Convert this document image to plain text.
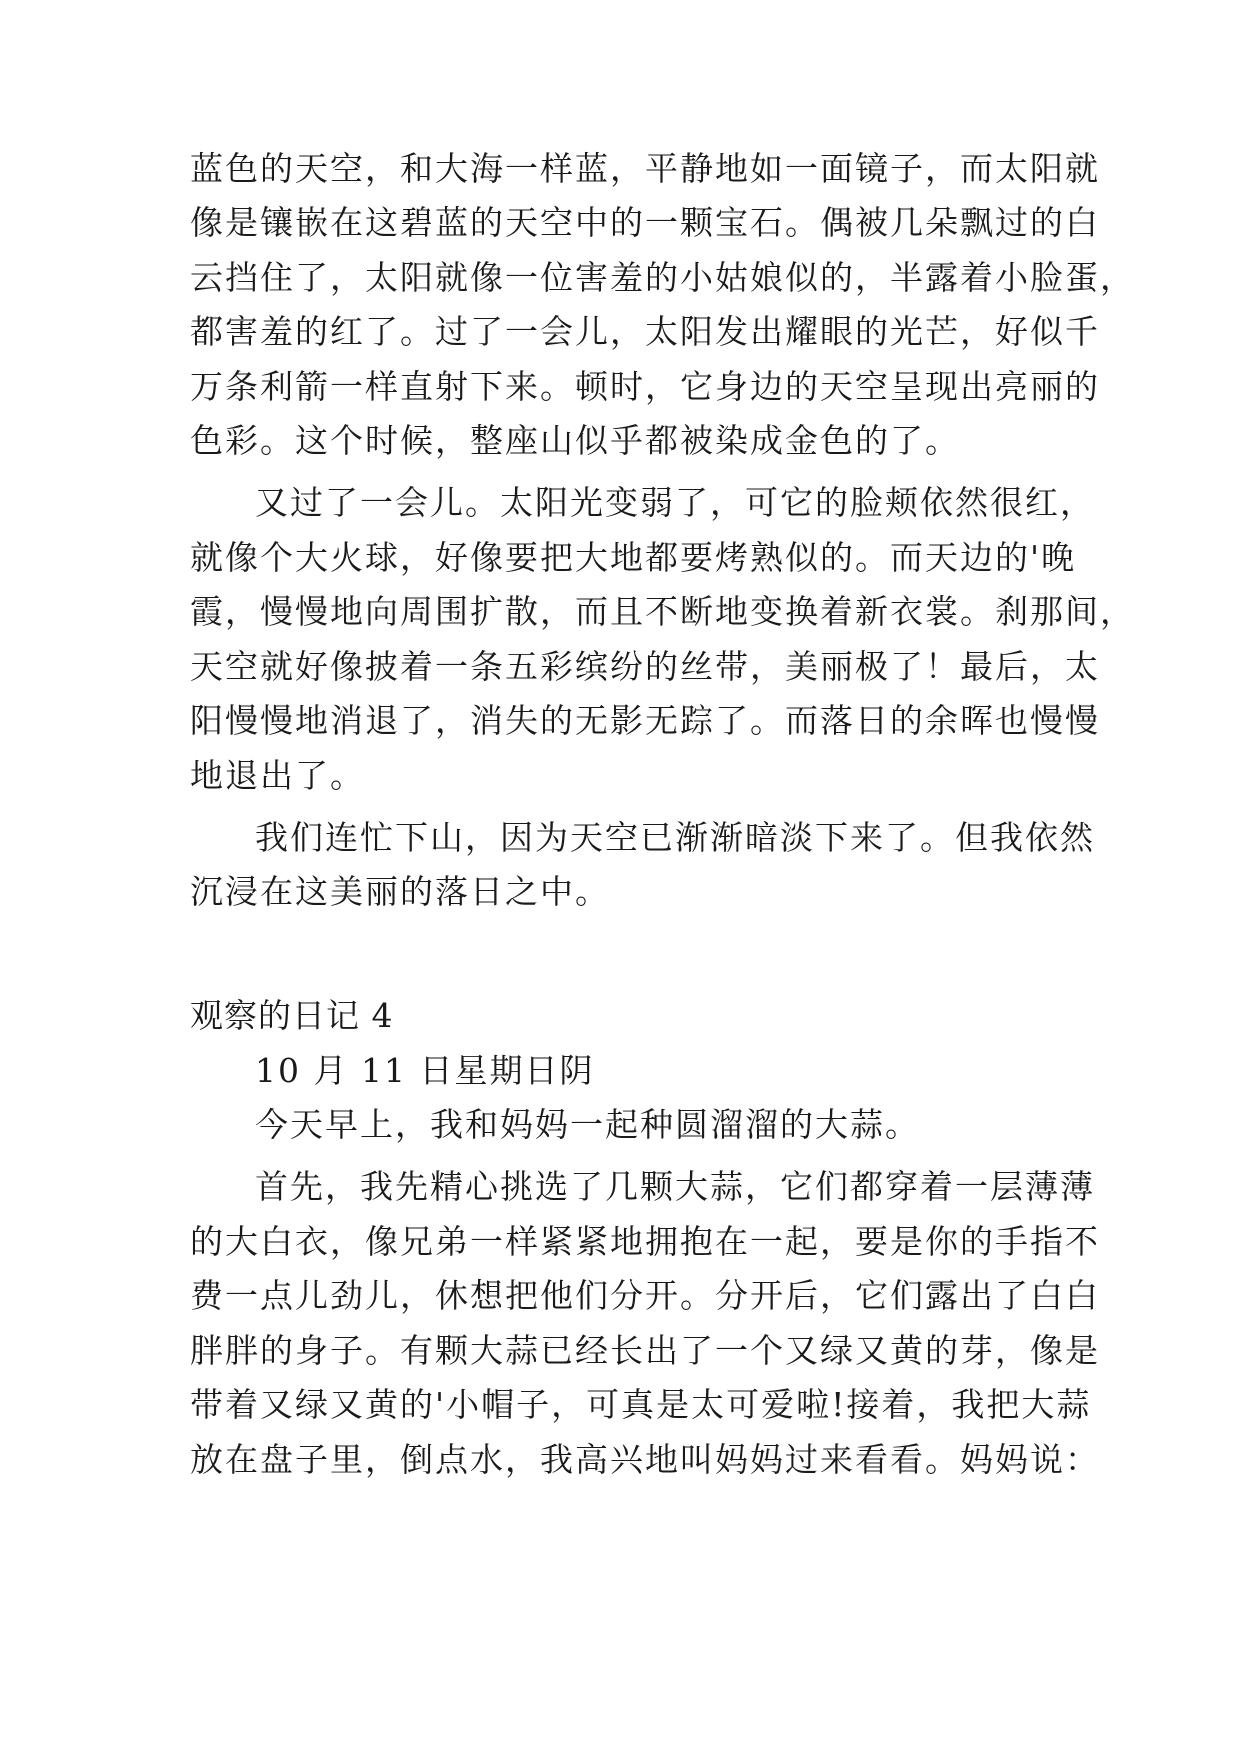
蓝色的天空，和大海一样蓝，平静地如一面镜子，而太阳就
像是镶嵌在这碧蓝的天空中的一颗宝石。偶被几朵飘过的白
云挡住了，太阳就像一位害羞的小姑娘似的，半露着小脸蛋，
都害羞的红了。过了一会儿，太阳发出耀眼的光芒，好似千
万条利箭一样直射下来。顿时，它身边的天空呈现出亮丽的
色彩。这个时候，整座山似乎都被染成金色的了。
又过了一会儿。太阳光变弱了，可它的脸颊依然很红，
就像个大火球，好像要把大地都要烤熟似的。而天边的'晚
霞，慢慢地向周围扩散，而且不断地变换着新衣裳。刹那间，
天空就好像披着一条五彩缤纷的丝带，美丽极了！最后，太
阳慢慢地消退了，消失的无影无踪了。而落日的余晖也慢慢
地退出了。
我们连忙下山，因为天空已渐渐暗淡下来了。但我依然
沉浸在这美丽的落日之中。
观察的日记 4
10 月 11 日星期日阴
今天早上，我和妈妈一起种圆溜溜的大蒜。
首先，我先精心挑选了几颗大蒜，它们都穿着一层薄薄
的大白衣，像兄弟一样紧紧地拥抱在一起，要是你的手指不
费一点儿劲儿，休想把他们分开。分开后，它们露出了白白
胖胖的身子。有颗大蒜已经长出了一个又绿又黄的芽，像是
带着又绿又黄的'小帽子，可真是太可爱啦!接着，我把大蒜
放在盘子里，倒点水，我高兴地叫妈妈过来看看。妈妈说：
